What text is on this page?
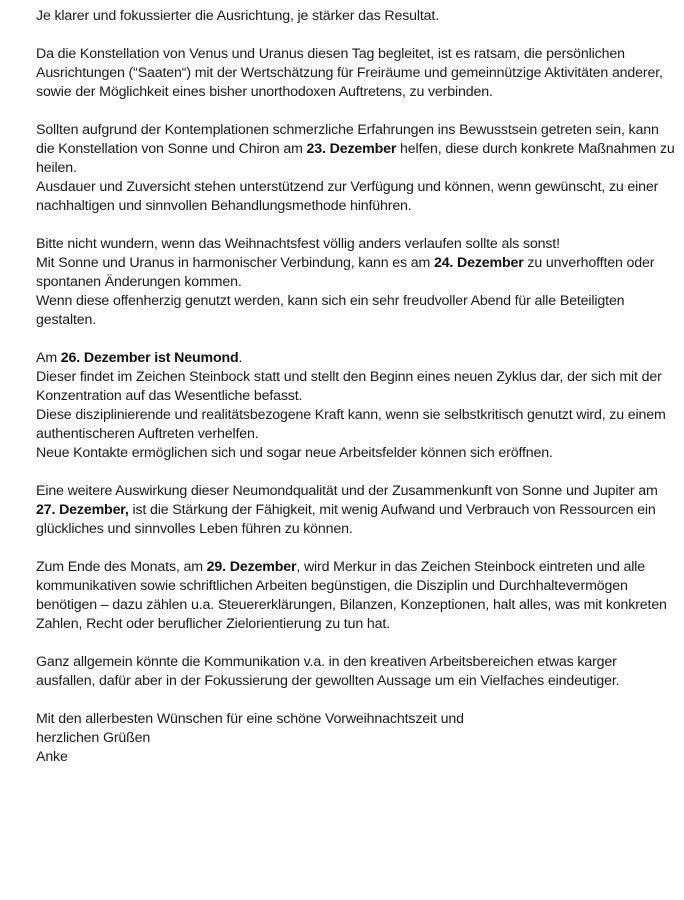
Je klarer und fokussierter die Ausrichtung, je stärker das Resultat.
Da die Konstellation von Venus und Uranus diesen Tag begleitet, ist es ratsam, die persönlichen
Ausrichtungen (“Saaten“) mit der Wertschätzung für Freiräume und gemeinnützige Aktivitäten anderer,
sowie der Möglichkeit eines bisher unorthodoxen Auftretens, zu verbinden.
Sollten aufgrund der Kontemplationen schmerzliche Erfahrungen ins Bewusstsein getreten sein, kann
die Konstellation von Sonne und Chiron am 23. Dezember helfen, diese durch konkrete Maßnahmen zu
heilen.
Ausdauer und Zuversicht stehen unterstützend zur Verfügung und können, wenn gewünscht, zu einer
nachhaltigen und sinnvollen Behandlungsmethode hinführen.
Bitte nicht wundern, wenn das Weihnachtsfest völlig anders verlaufen sollte als sonst!
Mit Sonne und Uranus in harmonischer Verbindung, kann es am 24. Dezember zu unverhofften oder
spontanen Änderungen kommen.
Wenn diese offenherzig genutzt werden, kann sich ein sehr freudvoller Abend für alle Beteiligten
gestalten.
Am 26. Dezember ist Neumond.
Dieser findet im Zeichen Steinbock statt und stellt den Beginn eines neuen Zyklus dar, der sich mit der
Konzentration auf das Wesentliche befasst.
Diese disziplinierende und realitätsbezogene Kraft kann, wenn sie selbstkritisch genutzt wird, zu einem
authentischeren Auftreten verhelfen.
Neue Kontakte ermöglichen sich und sogar neue Arbeitsfelder können sich eröffnen.
Eine weitere Auswirkung dieser Neumondqualität und der Zusammenkunft von Sonne und Jupiter am
27. Dezember, ist die Stärkung der Fähigkeit, mit wenig Aufwand und Verbrauch von Ressourcen ein
glückliches und sinnvolles Leben führen zu können.
Zum Ende des Monats, am 29. Dezember, wird Merkur in das Zeichen Steinbock eintreten und alle
kommunikativen sowie schriftlichen Arbeiten begünstigen, die Disziplin und Durchhaltevermögen
benötigen – dazu zählen u.a. Steuererklärungen, Bilanzen, Konzeptionen, halt alles, was mit konkreten
Zahlen, Recht oder beruflicher Zielorientierung zu tun hat.
Ganz allgemein könnte die Kommunikation v.a. in den kreativen Arbeitsbereichen etwas karger
ausfallen, dafür aber in der Fokussierung der gewollten Aussage um ein Vielfaches eindeutiger.
Mit den allerbesten Wünschen für eine schöne Vorweihnachtszeit und
herzlichen Grüßen
Anke
